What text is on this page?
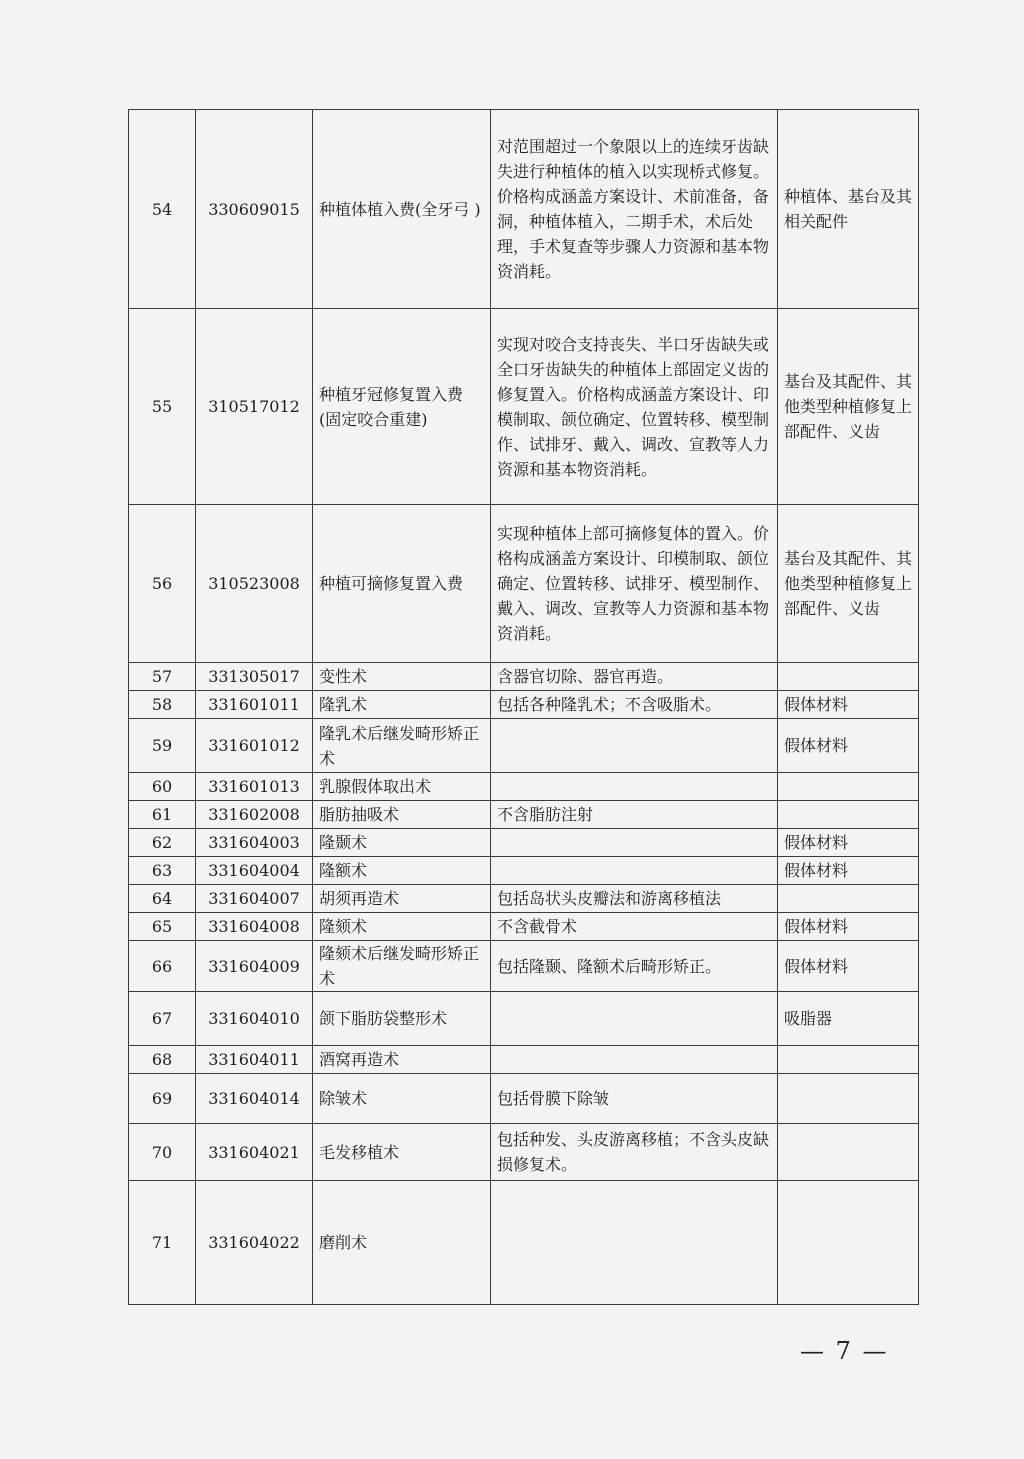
54	330609015	种植体植入费(全牙弓 )	对范围超过一个象限以上的连续牙齿缺失进行种植体的植入以实现桥式修复。价格构成涵盖方案设计、术前准备，备洞，种植体植入，二期手术，术后处理，手术复查等步骤人力资源和基本物资消耗。	种植体、基台及其相关配件
55	310517012	种植牙冠修复置入费(固定咬合重建)	实现对咬合支持丧失、半口牙齿缺失或全口牙齿缺失的种植体上部固定义齿的修复置入。价格构成涵盖方案设计、印模制取、颌位确定、位置转移、模型制作、试排牙、戴入、调改、宣教等人力资源和基本物资消耗。	基台及其配件、其他类型种植修复上部配件、义齿
56	310523008	种植可摘修复置入费	实现种植体上部可摘修复体的置入。价格构成涵盖方案设计、印模制取、颌位确定、位置转移、试排牙、模型制作、戴入、调改、宣教等人力资源和基本物资消耗。	基台及其配件、其他类型种植修复上部配件、义齿
57	331305017	变性术	含器官切除、器官再造。	
58	331601011	隆乳术	包括各种隆乳术；不含吸脂术。	假体材料
59	331601012	隆乳术后继发畸形矫正术		假体材料
60	331601013	乳腺假体取出术		
61	331602008	脂肪抽吸术	不含脂肪注射	
62	331604003	隆颞术		假体材料
63	331604004	隆额术		假体材料
64	331604007	胡须再造术	包括岛状头皮瓣法和游离移植法	
65	331604008	隆颏术	不含截骨术	假体材料
66	331604009	隆颏术后继发畸形矫正术	包括隆颞、隆额术后畸形矫正。	假体材料
67	331604010	颌下脂肪袋整形术		吸脂器
68	331604011	酒窝再造术		
69	331604014	除皱术	包括骨膜下除皱	
70	331604021	毛发移植术	包括种发、头皮游离移植；不含头皮缺损修复术。	
71	331604022	磨削术		
— 7 —
